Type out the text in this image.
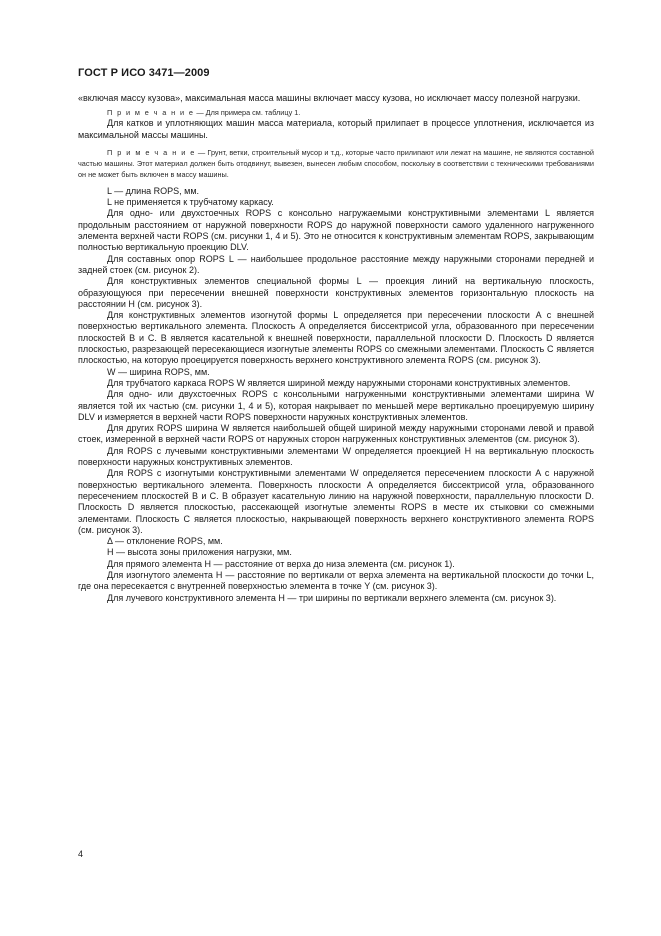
ГОСТ Р ИСО 3471—2009

«включая массу кузова», максимальная масса машины включает массу кузова, но исключает массу полезной нагрузки.

П р и м е ч а н и е — Для примера см. таблицу 1.

Для катков и уплотняющих машин масса материала, который прилипает в процессе уплотнения, исключается из максимальной массы машины.

П р и м е ч а н и е — Грунт, ветки, строительный мусор и т.д., которые часто прилипают или лежат на машине, не являются составной частью машины. Этот материал должен быть отодвинут, вывезен, вынесен любым способом, поскольку в соответствии с техническими требованиями он не может быть включен в массу машины.

L — длина ROPS, мм.

L не применяется к трубчатому каркасу.

Для одно- или двухстоечных ROPS с консольно нагружаемыми конструктивными элементами L является продольным расстоянием от наружной поверхности ROPS до наружной поверхности самого удаленного нагруженного элемента верхней части ROPS (см. рисунки 1, 4 и 5). Это не относится к конструктивным элементам ROPS, закрывающим полностью вертикальную проекцию DLV.

Для составных опор ROPS L — наибольшее продольное расстояние между наружными сторонами передней и задней стоек (см. рисунок 2).

Для конструктивных элементов специальной формы L — проекция линий на вертикальную плоскость, образующуюся при пересечении внешней поверхности конструктивных элементов горизонтальную плоскость на расстоянии H (см. рисунок 3).

Для конструктивных элементов изогнутой формы L определяется при пересечении плоскости A с внешней поверхностью вертикального элемента. Плоскость A определяется биссектрисой угла, образованного при пересечении плоскостей B и C. B является касательной к внешней поверхности, параллельной плоскости D. Плоскость D является плоскостью, разрезающей пересекающиеся изогнутые элементы ROPS со смежными элементами. Плоскость C является плоскостью, на которую проецируется поверхность верхнего конструктивного элемента ROPS (см. рисунок 3).

W — ширина ROPS, мм.

Для трубчатого каркаса ROPS W является шириной между наружными сторонами конструктивных элементов.

Для одно- или двухстоечных ROPS с консольными нагруженными конструктивными элементами ширина W является той их частью (см. рисунки 1, 4 и 5), которая накрывает по меньшей мере вертикально проецируемую ширину DLV и измеряется в верхней части ROPS поверхности наружных конструктивных элементов.

Для других ROPS ширина W является наибольшей общей шириной между наружными сторонами левой и правой стоек, измеренной в верхней части ROPS от наружных сторон нагруженных конструктивных элементов (см. рисунок 3).

Для ROPS с лучевыми конструктивными элементами W определяется проекцией H на вертикальную плоскость поверхности наружных конструктивных элементов.

Для ROPS с изогнутыми конструктивными элементами W определяется пересечением плоскости A с наружной поверхностью вертикального элемента. Поверхность плоскости A определяется биссектрисой угла, образованного пересечением плоскостей B и C. B образует касательную линию на наружной поверхности, параллельную плоскости D. Плоскость D является плоскостью, рассекающей изогнутые элементы ROPS в месте их стыковки со смежными элементами. Плоскость C является плоскостью, накрывающей поверхность верхнего конструктивного элемента ROPS (см. рисунок 3).

Δ — отклонение ROPS, мм.

H — высота зоны приложения нагрузки, мм.

Для прямого элемента H — расстояние от верха до низа элемента (см. рисунок 1).

Для изогнутого элемента H — расстояние по вертикали от верха элемента на вертикальной плоскости до точки L, где она пересекается с внутренней поверхностью элемента в точке Y (см. рисунок 3).

Для лучевого конструктивного элемента H — три ширины по вертикали верхнего элемента (см. рисунок 3).

4
